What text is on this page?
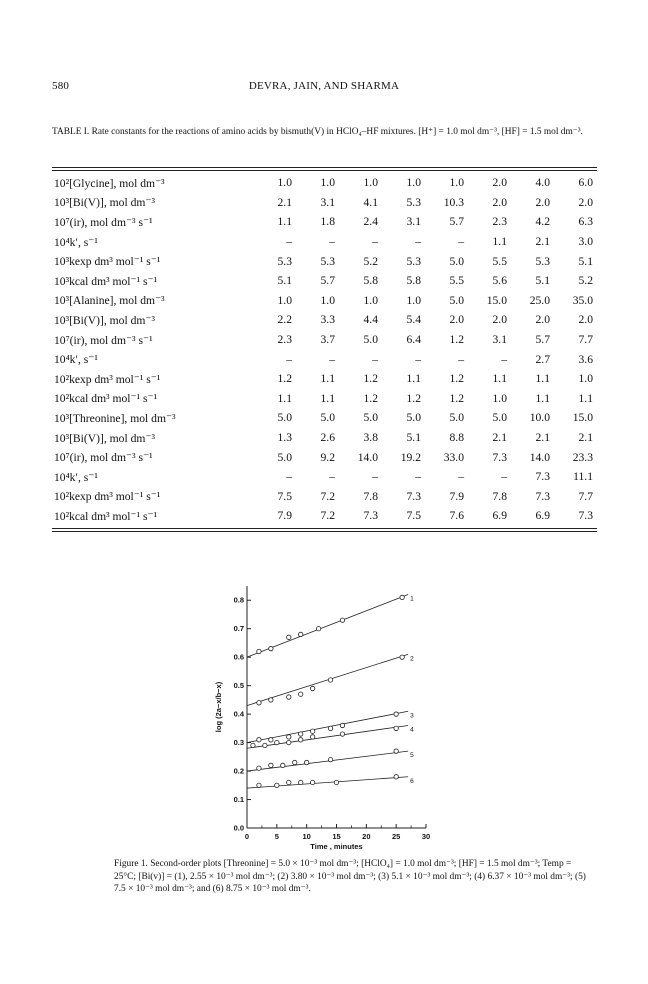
580	DEVRA, JAIN, AND SHARMA
TABLE I. Rate constants for the reactions of amino acids by bismuth(V) in HClO₄–HF mixtures. [H⁺] = 1.0 mol dm⁻³, [HF] = 1.5 mol dm⁻³.
10²[Glycine], mol dm⁻³	1.0	1.0	1.0	1.0	1.0	2.0	4.0	6.0	
10³[Bi(V)], mol dm⁻³	2.1	3.1	4.1	5.3	10.3	2.0	2.0	2.0	
10⁷(ir), mol dm⁻³ s⁻¹	1.1	1.8	2.4	3.1	5.7	2.3	4.2	6.3	
10⁴k′, s⁻¹	–	–	–	–	–	1.1	2.1	3.0	
10³kexp dm³ mol⁻¹ s⁻¹	5.3	5.3	5.2	5.3	5.0	5.5	5.3	5.1	
10³kcal dm³ mol⁻¹ s⁻¹	5.1	5.7	5.8	5.8	5.5	5.6	5.1	5.2	
10³[Alanine], mol dm⁻³	1.0	1.0	1.0	1.0	5.0	15.0	25.0	35.0	
10³[Bi(V)], mol dm⁻³	2.2	3.3	4.4	5.4	2.0	2.0	2.0	2.0	
10⁷(ir), mol dm⁻³ s⁻¹	2.3	3.7	5.0	6.4	1.2	3.1	5.7	7.7	
10⁴k′, s⁻¹	–	–	–	–	–	–	2.7	3.6	
10²kexp dm³ mol⁻¹ s⁻¹	1.2	1.1	1.2	1.1	1.2	1.1	1.1	1.0	
10²kcal dm³ mol⁻¹ s⁻¹	1.1	1.1	1.2	1.2	1.2	1.0	1.1	1.1	
10³[Threonine], mol dm⁻³	5.0	5.0	5.0	5.0	5.0	5.0	10.0	15.0	
10³[Bi(V)], mol dm⁻³	1.3	2.6	3.8	5.1	8.8	2.1	2.1	2.1	
10⁷(ir), mol dm⁻³ s⁻¹	5.0	9.2	14.0	19.2	33.0	7.3	14.0	23.3	
10⁴k′, s⁻¹	–	–	–	–	–	–	7.3	11.1	
10²kexp dm³ mol⁻¹ s⁻¹	7.5	7.2	7.8	7.3	7.9	7.8	7.3	7.7	
10²kcal dm³ mol⁻¹ s⁻¹	7.9	7.2	7.3	7.5	7.6	6.9	6.9	7.3	
0	5	10	15	20	25	30
0.0
0.1
0.2
0.3
0.4
0.5
0.6
0.7
0.8
Time , minutes
log (2a−x/b−x)
1
2
3
4
5
6
Figure 1. Second-order plots [Threonine] = 5.0 × 10⁻³ mol dm⁻³; [HClO₄] = 1.0 mol dm⁻³; [HF] = 1.5 mol dm⁻³; Temp = 25°C; [Bi(v)] = (1), 2.55 × 10⁻³ mol dm⁻³; (2) 3.80 × 10⁻³ mol dm⁻³; (3) 5.1 × 10⁻³ mol dm⁻³; (4) 6.37 × 10⁻³ mol dm⁻³; (5) 7.5 × 10⁻³ mol dm⁻³; and (6) 8.75 × 10⁻³ mol dm⁻³.
